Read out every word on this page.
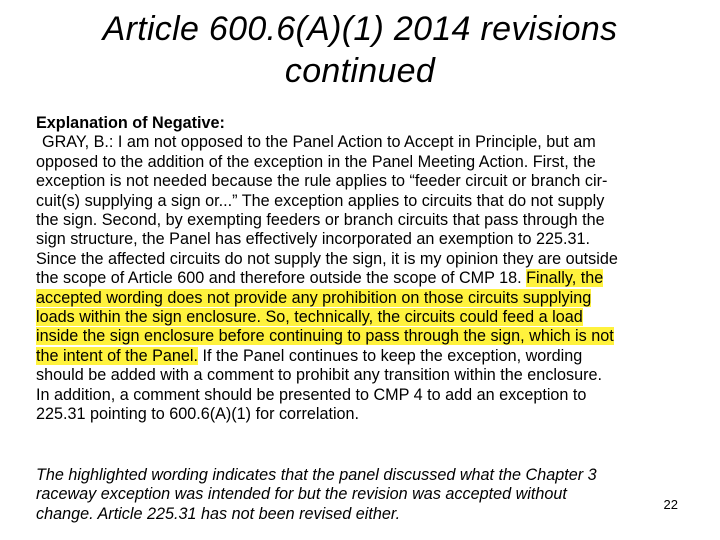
Article 600.6(A)(1) 2014 revisions
continued
Explanation of Negative:
GRAY, B.: I am not opposed to the Panel Action to Accept in Principle, but am
opposed to the addition of the exception in the Panel Meeting Action. First, the
exception is not needed because the rule applies to “feeder circuit or branch cir-
cuit(s) supplying a sign or...” The exception applies to circuits that do not supply
the sign. Second, by exempting feeders or branch circuits that pass through the
sign structure, the Panel has effectively incorporated an exemption to 225.31.
Since the affected circuits do not supply the sign, it is my opinion they are outside
the scope of Article 600 and therefore outside the scope of CMP 18. Finally, the
accepted wording does not provide any prohibition on those circuits supplying
loads within the sign enclosure. So, technically, the circuits could feed a load
inside the sign enclosure before continuing to pass through the sign, which is not
the intent of the Panel. If the Panel continues to keep the exception, wording
should be added with a comment to prohibit any transition within the enclosure.
In addition, a comment should be presented to CMP 4 to add an exception to
225.31 pointing to 600.6(A)(1) for correlation.
The highlighted wording indicates that the panel discussed what the Chapter 3
raceway exception was intended for but the revision was accepted without
change. Article 225.31 has not been revised either.
22
